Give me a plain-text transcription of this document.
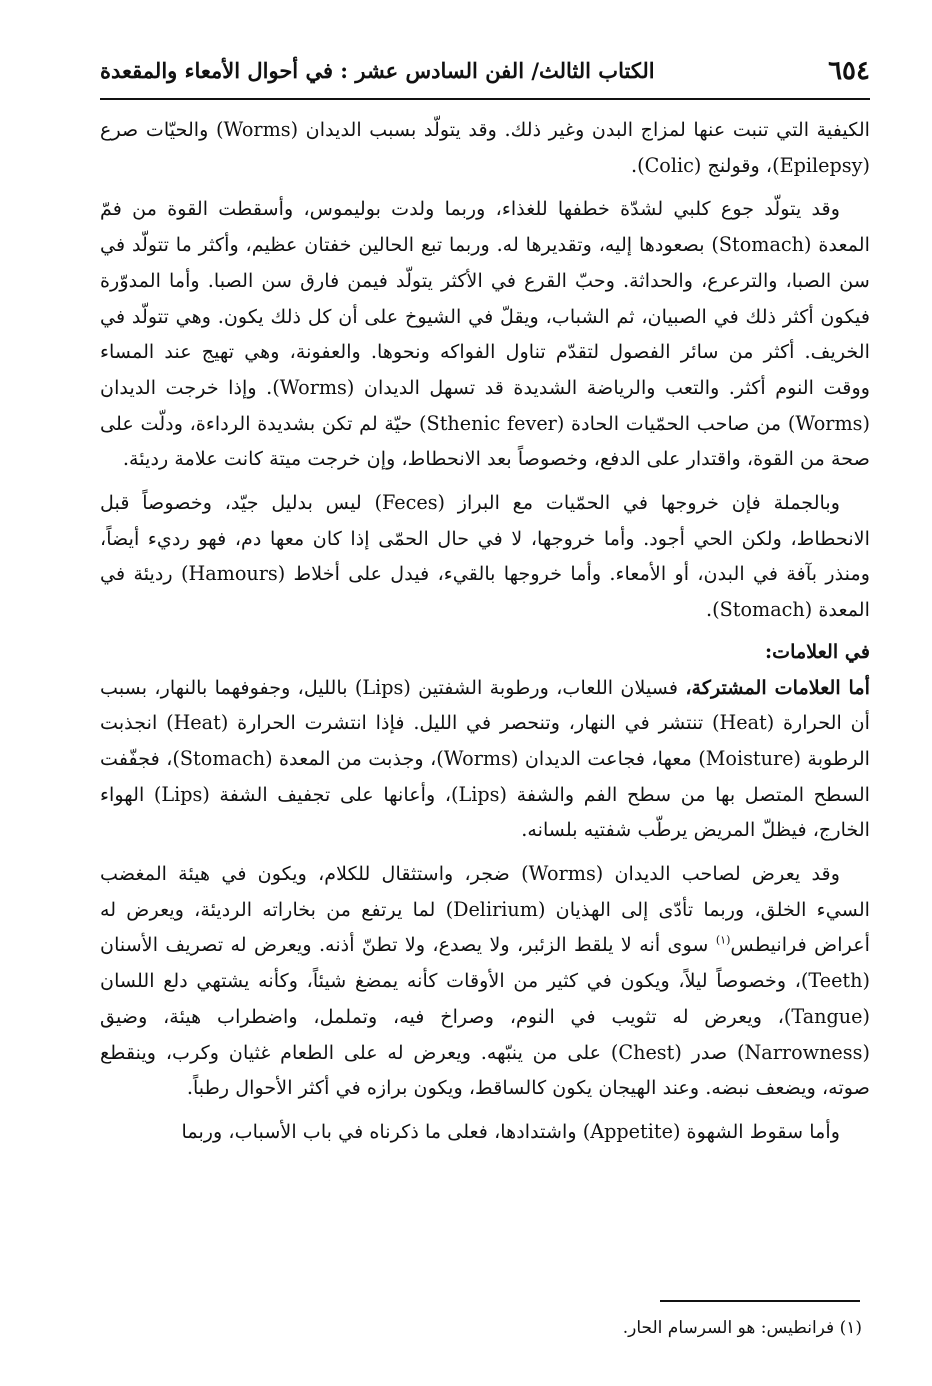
٦٥٤
الكتاب الثالث/ الفن السادس عشر : في أحوال الأمعاء والمقعدة

الكيفية التي تنبت عنها لمزاج البدن وغير ذلك. وقد يتولّد بسبب الديدان (Worms) والحيّات صرع (Epilepsy)، وقولنج (Colic).

وقد يتولّد جوع كلبي لشدّة خطفها للغذاء، وربما ولدت بوليموس، وأسقطت القوة من فمّ المعدة (Stomach) بصعودها إليه، وتقديرها له. وربما تبع الحالين خفتان عظيم، وأكثر ما تتولّد في سن الصبا، والترعرع، والحداثة. وحبّ القرع في الأكثر يتولّد فيمن فارق سن الصبا. وأما المدوّرة فيكون أكثر ذلك في الصبيان، ثم الشباب، ويقلّ في الشيوخ على أن كل ذلك يكون. وهي تتولّد في الخريف. أكثر من سائر الفصول لتقدّم تناول الفواكه ونحوها. والعفونة، وهي تهيج عند المساء ووقت النوم أكثر. والتعب والرياضة الشديدة قد تسهل الديدان (Worms). وإذا خرجت الديدان (Worms) من صاحب الحمّيات الحادة (Sthenic fever) حيّة لم تكن بشديدة الرداءة، ودلّت على صحة من القوة، واقتدار على الدفع، وخصوصاً بعد الانحطاط، وإن خرجت ميتة كانت علامة رديئة.

وبالجملة فإن خروجها في الحمّيات مع البراز (Feces) ليس بدليل جيّد، وخصوصاً قبل الانحطاط، ولكن الحي أجود. وأما خروجها، لا في حال الحمّى إذا كان معها دم، فهو رديء أيضاً، ومنذر بآفة في البدن، أو الأمعاء. وأما خروجها بالقيء، فيدل على أخلاط (Hamours) رديئة في المعدة (Stomach).

في العلامات:

أما العلامات المشتركة، فسيلان اللعاب، ورطوبة الشفتين (Lips) بالليل، وجفوفهما بالنهار، بسبب أن الحرارة (Heat) تنتشر في النهار، وتنحصر في الليل. فإذا انتشرت الحرارة (Heat) انجذبت الرطوبة (Moisture) معها، فجاعت الديدان (Worms)، وجذبت من المعدة (Stomach)، فجفّفت السطح المتصل بها من سطح الفم والشفة (Lips)، وأعانها على تجفيف الشفة (Lips) الهواء الخارج، فيظلّ المريض يرطّب شفتيه بلسانه.

وقد يعرض لصاحب الديدان (Worms) ضجر، واستثقال للكلام، ويكون في هيئة المغضب السيء الخلق، وربما تأدّى إلى الهذيان (Delirium) لما يرتفع من بخاراته الرديئة، ويعرض له أعراض فرانيطس$^{(١)}$ سوى أنه لا يلقط الزئبر، ولا يصدع، ولا تطنّ أذنه. ويعرض له تصريف الأسنان (Teeth)، وخصوصاً ليلاً، ويكون في كثير من الأوقات كأنه يمضغ شيئاً، وكأنه يشتهي دلع اللسان (Tangue)، ويعرض له تثويب في النوم، وصراخ فيه، وتململ، واضطراب هيئة، وضيق (Narrowness) صدر (Chest) على من ينبّهه. ويعرض له على الطعام غثيان وكرب، وينقطع صوته، ويضعف نبضه. وعند الهيجان يكون كالساقط، ويكون برازه في أكثر الأحوال رطباً.

وأما سقوط الشهوة (Appetite) واشتدادها، فعلى ما ذكرناه في باب الأسباب، وربما

(١) فرانطيس: هو السرسام الحار.
